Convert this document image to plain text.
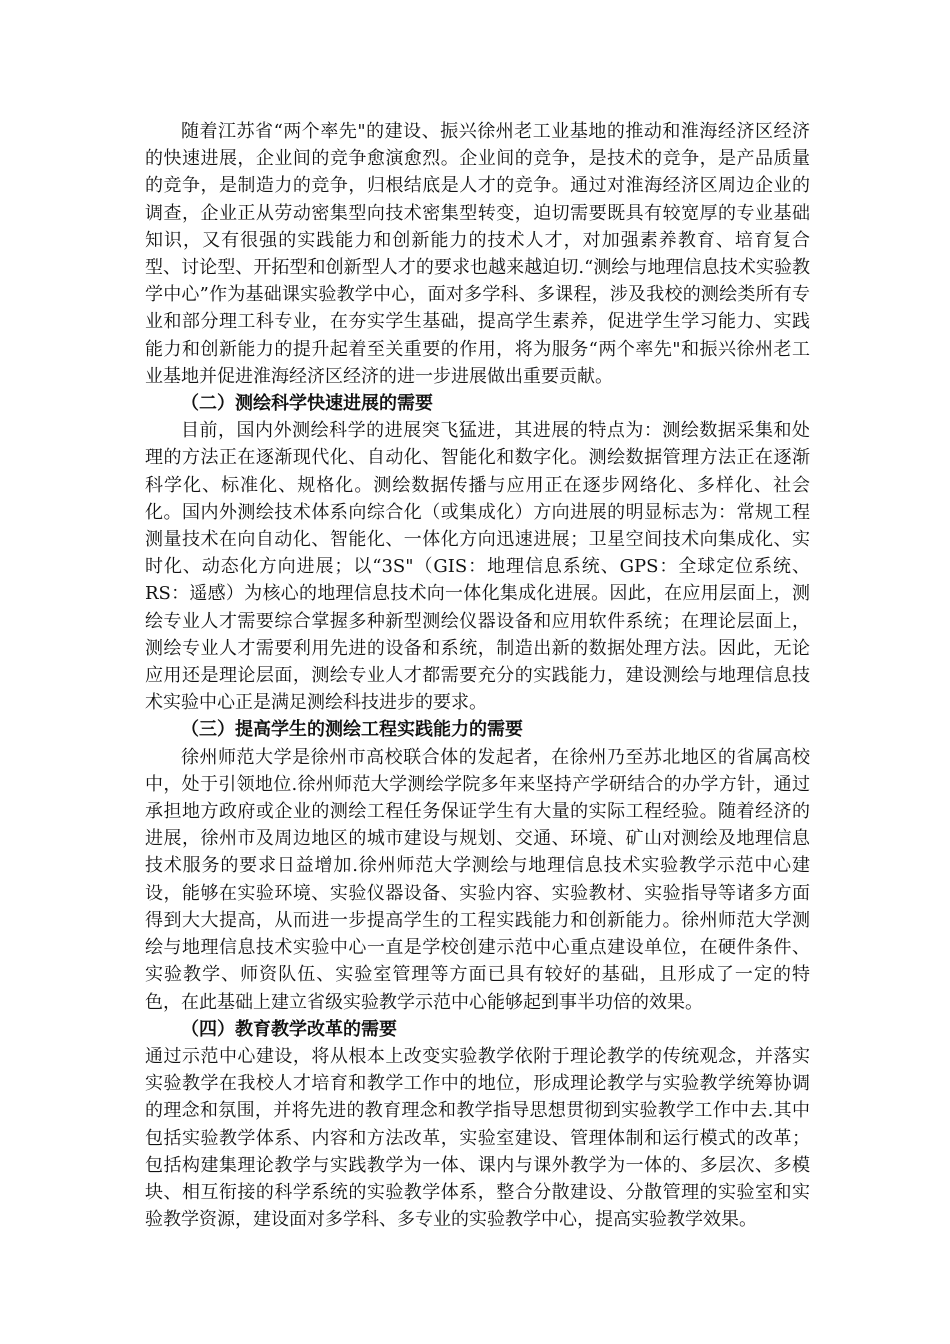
随着江苏省“两个率先"的建设、振兴徐州老工业基地的推动和淮海经济区经济的快速进展，企业间的竞争愈演愈烈。企业间的竞争，是技术的竞争，是产品质量的竞争，是制造力的竞争，归根结底是人才的竞争。通过对淮海经济区周边企业的调查，企业正从劳动密集型向技术密集型转变，迫切需要既具有较宽厚的专业基础知识，又有很强的实践能力和创新能力的技术人才，对加强素养教育、培育复合型、讨论型、开拓型和创新型人才的要求也越来越迫切.“测绘与地理信息技术实验教学中心”作为基础课实验教学中心，面对多学科、多课程，涉及我校的测绘类所有专业和部分理工科专业，在夯实学生基础，提高学生素养，促进学生学习能力、实践能力和创新能力的提升起着至关重要的作用，将为服务“两个率先"和振兴徐州老工业基地并促进淮海经济区经济的进一步进展做出重要贡献。

（二）测绘科学快速进展的需要

目前，国内外测绘科学的进展突飞猛进，其进展的特点为：测绘数据采集和处理的方法正在逐渐现代化、自动化、智能化和数字化。测绘数据管理方法正在逐渐科学化、标准化、规格化。测绘数据传播与应用正在逐步网络化、多样化、社会化。国内外测绘技术体系向综合化（或集成化）方向进展的明显标志为：常规工程测量技术在向自动化、智能化、一体化方向迅速进展；卫星空间技术向集成化、实时化、动态化方向进展；以“3S"（GIS：地理信息系统、GPS：全球定位系统、RS：遥感）为核心的地理信息技术向一体化集成化进展。因此，在应用层面上，测绘专业人才需要综合掌握多种新型测绘仪器设备和应用软件系统；在理论层面上，测绘专业人才需要利用先进的设备和系统，制造出新的数据处理方法。因此，无论应用还是理论层面，测绘专业人才都需要充分的实践能力，建设测绘与地理信息技术实验中心正是满足测绘科技进步的要求。

（三）提高学生的测绘工程实践能力的需要

徐州师范大学是徐州市高校联合体的发起者，在徐州乃至苏北地区的省属高校中，处于引领地位.徐州师范大学测绘学院多年来坚持产学研结合的办学方针，通过承担地方政府或企业的测绘工程任务保证学生有大量的实际工程经验。随着经济的进展，徐州市及周边地区的城市建设与规划、交通、环境、矿山对测绘及地理信息技术服务的要求日益增加.徐州师范大学测绘与地理信息技术实验教学示范中心建设，能够在实验环境、实验仪器设备、实验内容、实验教材、实验指导等诸多方面得到大大提高，从而进一步提高学生的工程实践能力和创新能力。徐州师范大学测绘与地理信息技术实验中心一直是学校创建示范中心重点建设单位，在硬件条件、实验教学、师资队伍、实验室管理等方面已具有较好的基础，且形成了一定的特色，在此基础上建立省级实验教学示范中心能够起到事半功倍的效果。

（四）教育教学改革的需要

通过示范中心建设，将从根本上改变实验教学依附于理论教学的传统观念，并落实实验教学在我校人才培育和教学工作中的地位，形成理论教学与实验教学统筹协调的理念和氛围，并将先进的教育理念和教学指导思想贯彻到实验教学工作中去.其中包括实验教学体系、内容和方法改革，实验室建设、管理体制和运行模式的改革；包括构建集理论教学与实践教学为一体、课内与课外教学为一体的、多层次、多模块、相互衔接的科学系统的实验教学体系，整合分散建设、分散管理的实验室和实验教学资源，建设面对多学科、多专业的实验教学中心，提高实验教学效果。
